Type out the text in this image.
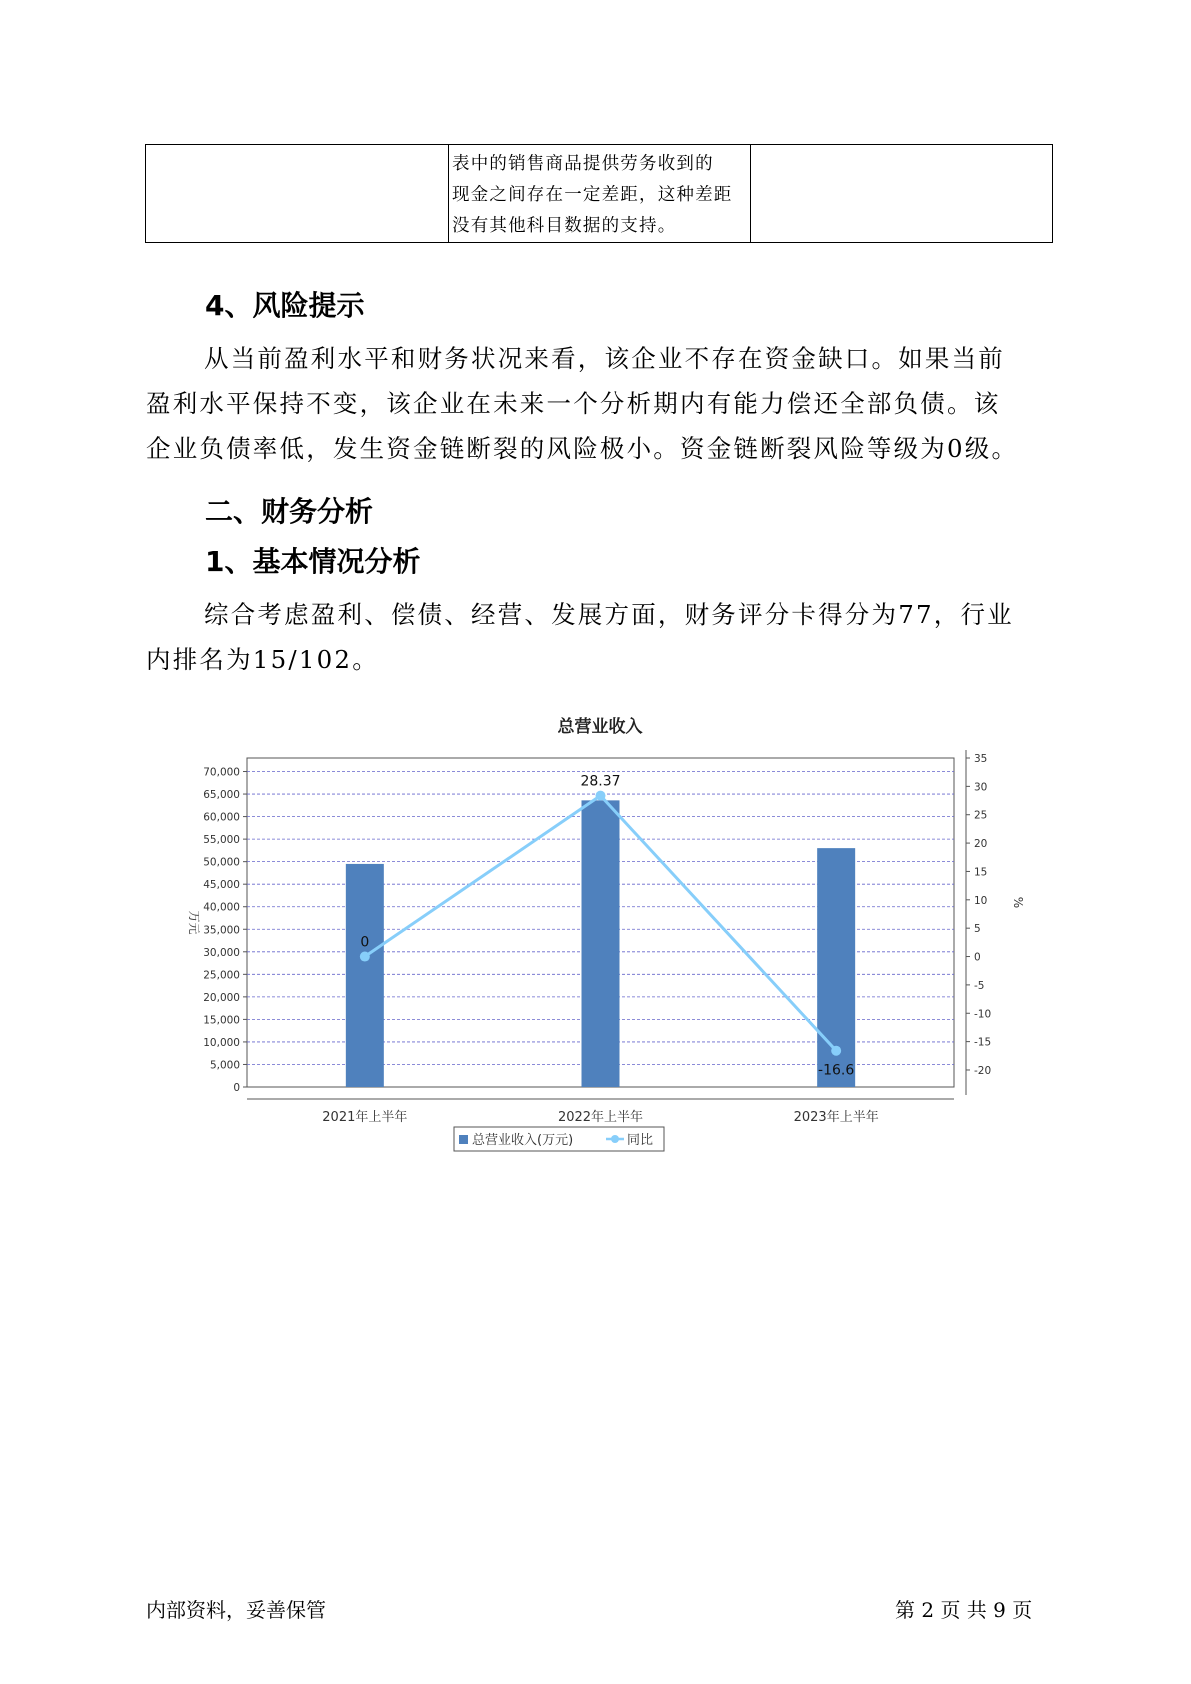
表中的销售商品提供劳务收到的
现金之间存在一定差距，这种差距
没有其他科目数据的支持。

4、风险提示
从当前盈利水平和财务状况来看，该企业不存在资金缺口。如果当前
盈利水平保持不变，该企业在未来一个分析期内有能力偿还全部负债。该
企业负债率低，发生资金链断裂的风险极小。资金链断裂风险等级为0级。
二、财务分析
1、基本情况分析
综合考虑盈利、偿债、经营、发展方面，财务评分卡得分为77，行业
内排名为15/102。
总营业收入
0
28.37
-16.6
0
5,000
10,000
15,000
20,000
25,000
30,000
35,000
40,000
45,000
50,000
55,000
60,000
65,000
70,000
万元
-20
-15
-10
-5
0
5
10
15
20
25
30
35
%
2021年上半年	2022年上半年	2023年上半年
总营业收入(万元)	同比
内部资料，妥善保管	第 2 页 共 9 页
